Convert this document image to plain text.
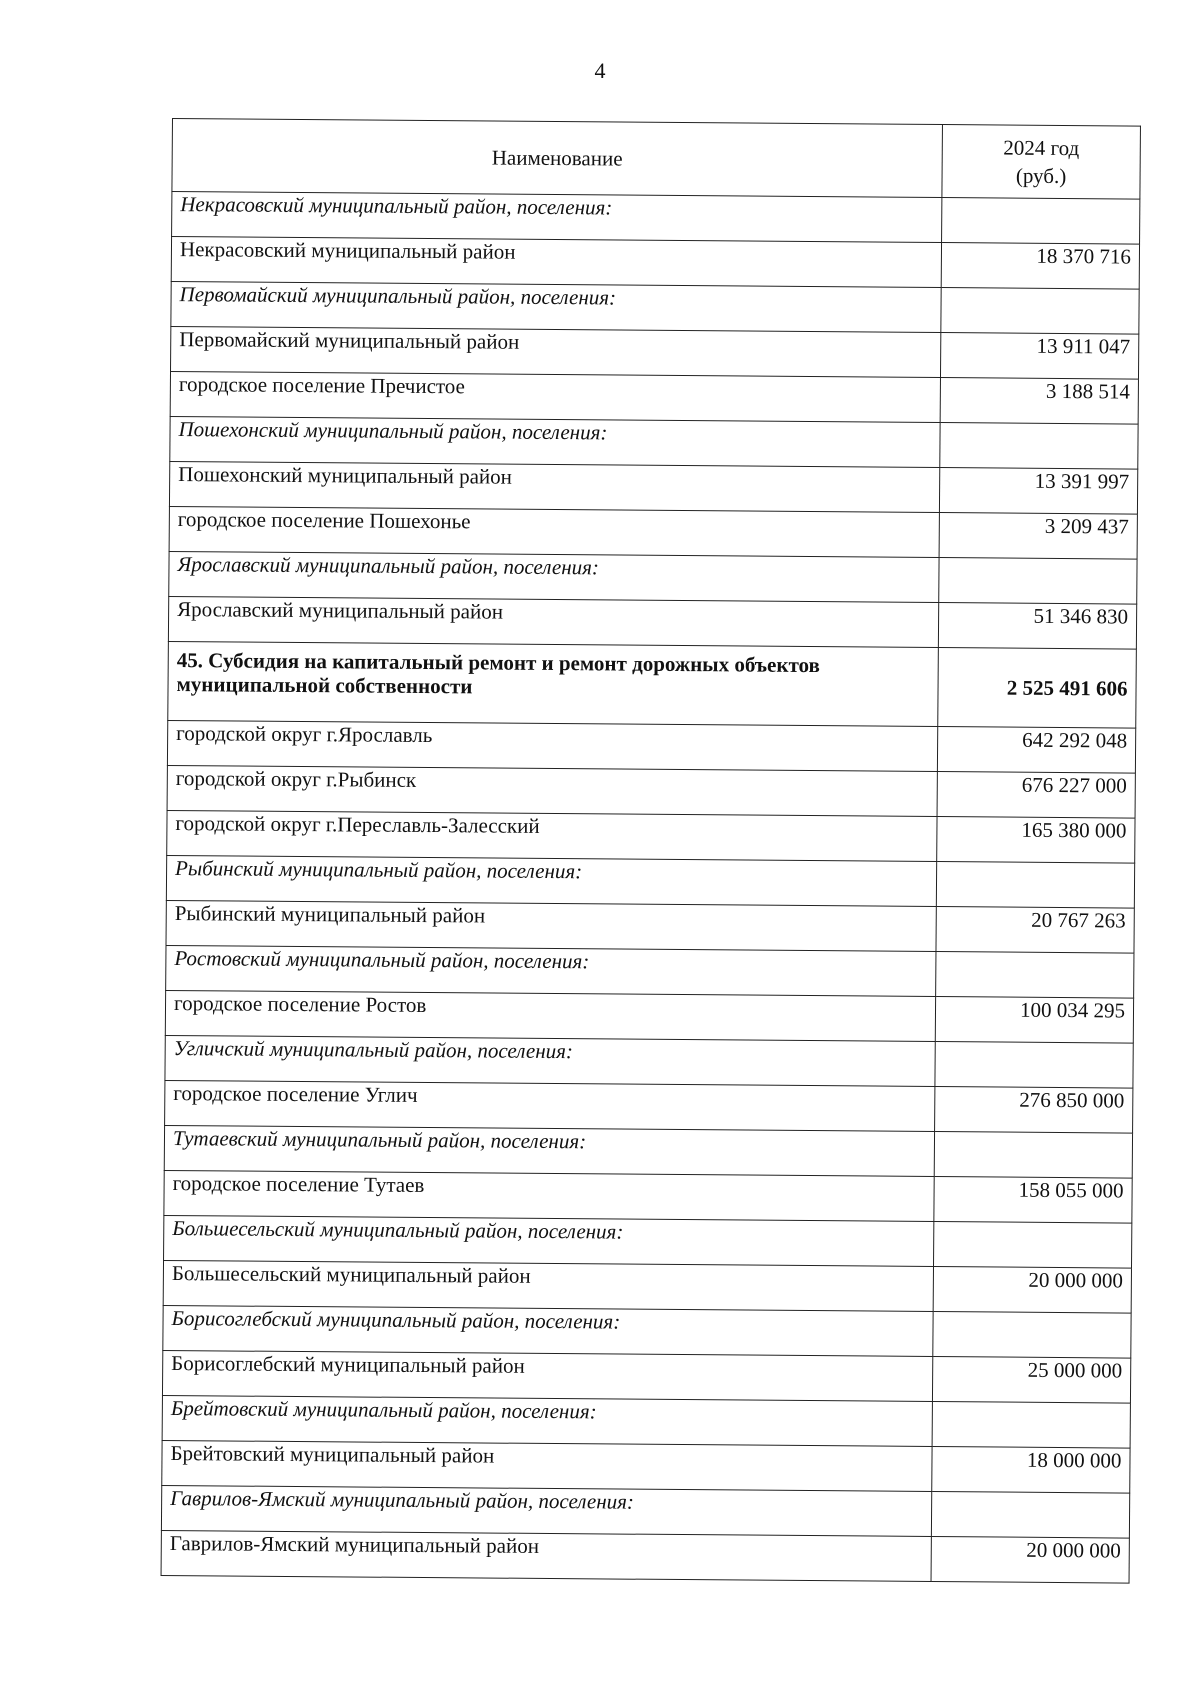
4
Наименование	2024 год
(руб.)
Некрасовский муниципальный район, поселения:	
Некрасовский муниципальный район	18 370 716
Первомайский муниципальный район, поселения:	
Первомайский муниципальный район	13 911 047
городское поселение Пречистое	3 188 514
Пошехонский муниципальный район, поселения:	
Пошехонский муниципальный район	13 391 997
городское поселение Пошехонье	3 209 437
Ярославский муниципальный район, поселения:	
Ярославский муниципальный район	51 346 830
45. Субсидия на капитальный ремонт и ремонт дорожных объектов муниципальной собственности	2 525 491 606
городской округ г.Ярославль	642 292 048
городской округ г.Рыбинск	676 227 000
городской округ г.Переславль-Залесский	165 380 000
Рыбинский муниципальный район, поселения:	
Рыбинский муниципальный район	20 767 263
Ростовский муниципальный район, поселения:	
городское поселение Ростов	100 034 295
Угличский муниципальный район, поселения:	
городское поселение Углич	276 850 000
Тутаевский муниципальный район, поселения:	
городское поселение Тутаев	158 055 000
Большесельский муниципальный район, поселения:	
Большесельский муниципальный район	20 000 000
Борисоглебский муниципальный район, поселения:	
Борисоглебский муниципальный район	25 000 000
Брейтовский муниципальный район, поселения:	
Брейтовский муниципальный район	18 000 000
Гаврилов-Ямский муниципальный район, поселения:	
Гаврилов-Ямский муниципальный район	20 000 000
